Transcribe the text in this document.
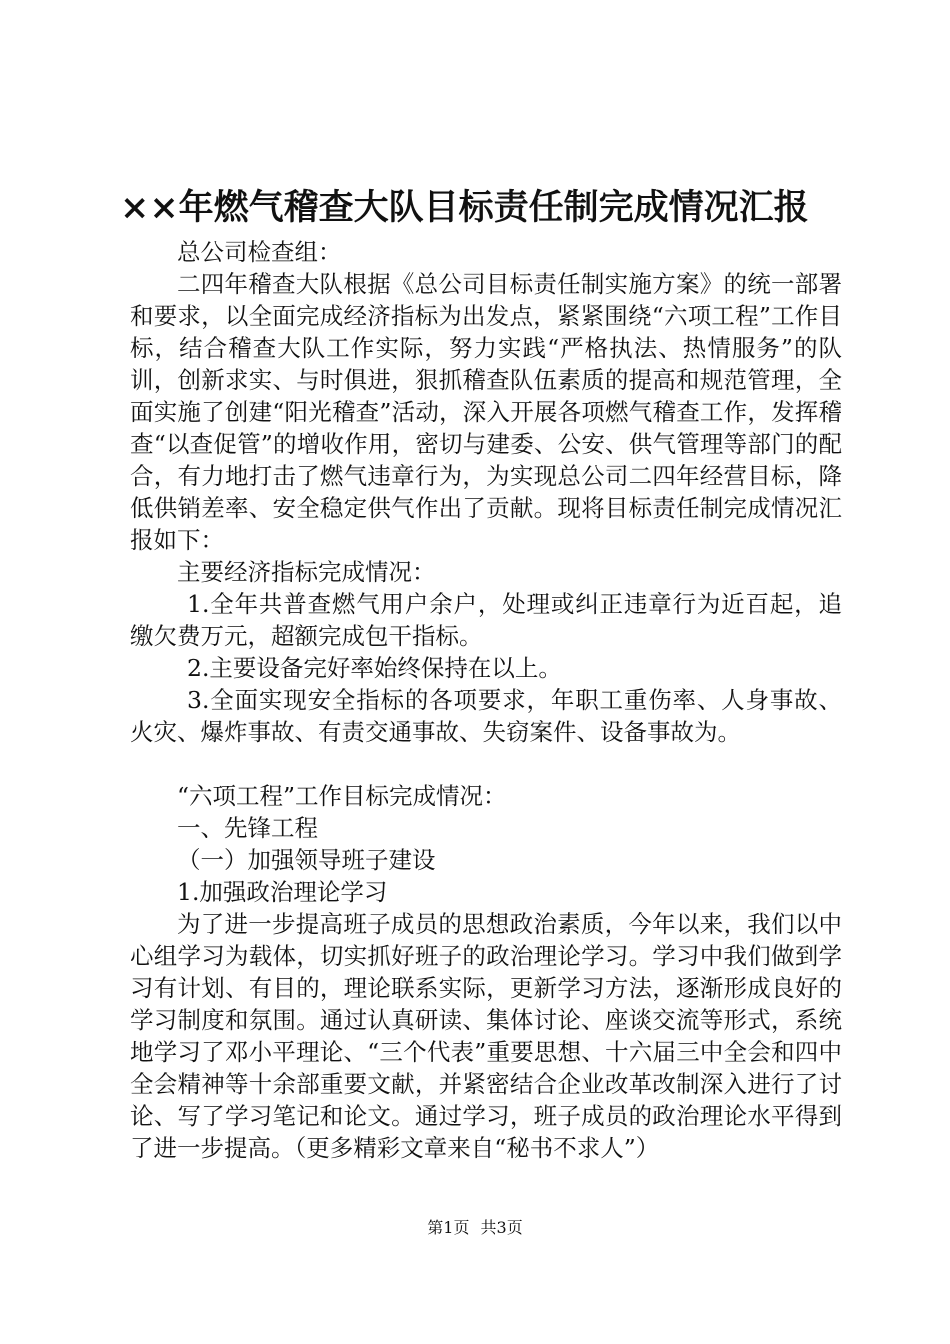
××年燃气稽查大队目标责任制完成情况汇报

总公司检查组：

二四年稽查大队根据《总公司目标责任制实施方案》的统一部署和要求，以全面完成经济指标为出发点，紧紧围绕“六项工程”工作目标，结合稽查大队工作实际，努力实践“严格执法、热情服务”的队训，创新求实、与时俱进，狠抓稽查队伍素质的提高和规范管理，全面实施了创建“阳光稽查”活动，深入开展各项燃气稽查工作，发挥稽查“以查促管”的增收作用，密切与建委、公安、供气管理等部门的配合，有力地打击了燃气违章行为，为实现总公司二四年经营目标，降低供销差率、安全稳定供气作出了贡献。现将目标责任制完成情况汇报如下：

主要经济指标完成情况：

1.全年共普查燃气用户余户，处理或纠正违章行为近百起，追缴欠费万元，超额完成包干指标。

2.主要设备完好率始终保持在以上。

3.全面实现安全指标的各项要求，年职工重伤率、人身事故、火灾、爆炸事故、有责交通事故、失窃案件、设备事故为。

“六项工程”工作目标完成情况：

一、先锋工程

（一）加强领导班子建设

1.加强政治理论学习

为了进一步提高班子成员的思想政治素质，今年以来，我们以中心组学习为载体，切实抓好班子的政治理论学习。学习中我们做到学习有计划、有目的，理论联系实际，更新学习方法，逐渐形成良好的学习制度和氛围。通过认真研读、集体讨论、座谈交流等形式，系统地学习了邓小平理论、“三个代表”重要思想、十六届三中全会和四中全会精神等十余部重要文献，并紧密结合企业改革改制深入进行了讨论、写了学习笔记和论文。通过学习，班子成员的政治理论水平得到了进一步提高。（更多精彩文章来自“秘书不求人”）

第1页 共3页
